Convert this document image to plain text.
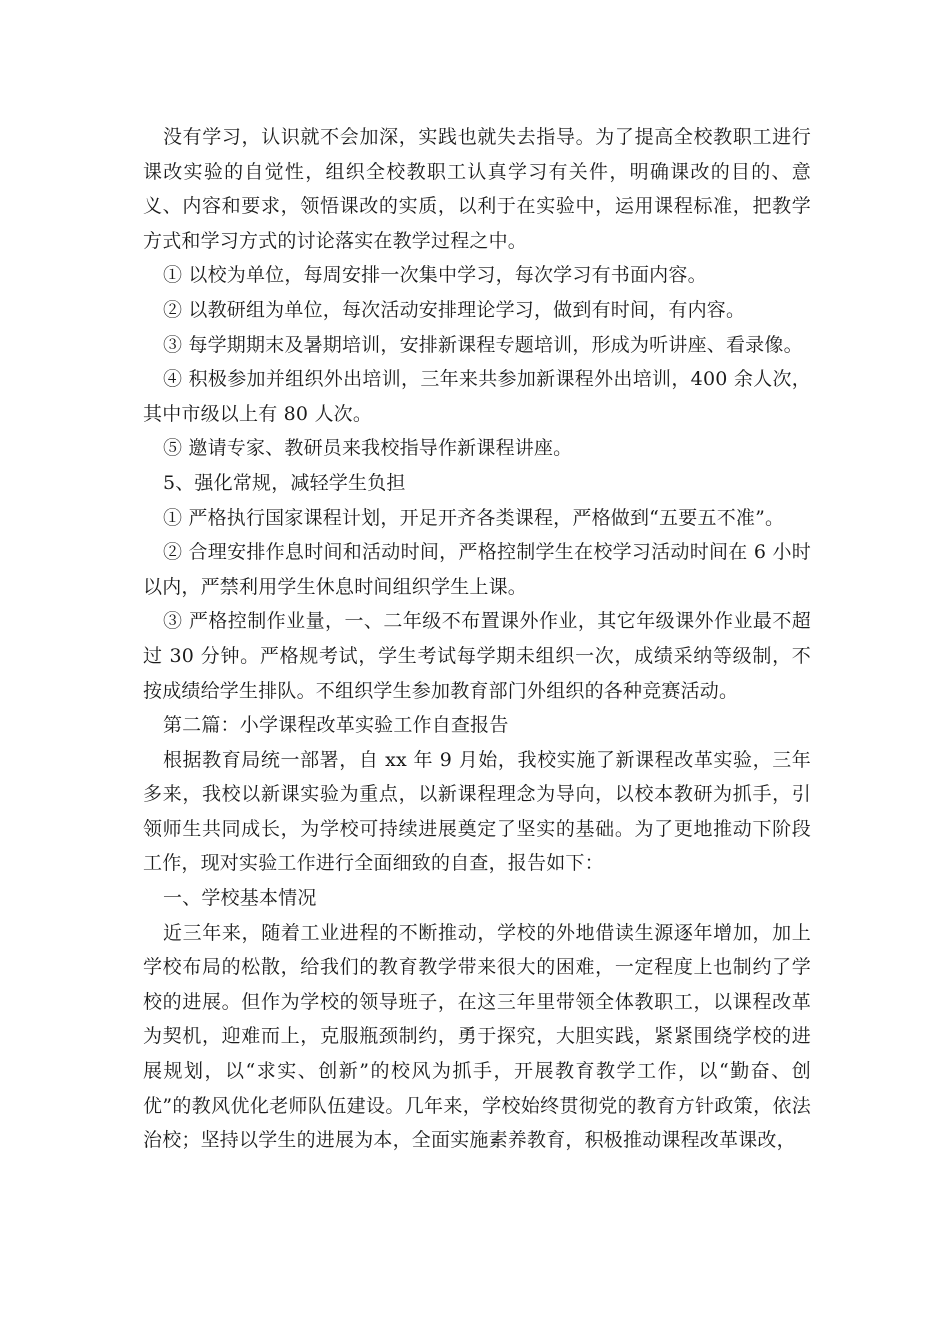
没有学习，认识就不会加深，实践也就失去指导。为了提高全校教职工进行课改实验的自觉性，组织全校教职工认真学习有关件，明确课改的目的、意义、内容和要求，领悟课改的实质，以利于在实验中，运用课程标准，把教学方式和学习方式的讨论落实在教学过程之中。

① 以校为单位，每周安排一次集中学习，每次学习有书面内容。

② 以教研组为单位，每次活动安排理论学习，做到有时间，有内容。

③ 每学期期末及暑期培训，安排新课程专题培训，形成为听讲座、看录像。

④ 积极参加并组织外出培训，三年来共参加新课程外出培训，400 余人次，其中市级以上有 80 人次。

⑤ 邀请专家、教研员来我校指导作新课程讲座。

5、强化常规，减轻学生负担

① 严格执行国家课程计划，开足开齐各类课程，严格做到“五要五不准”。

② 合理安排作息时间和活动时间，严格控制学生在校学习活动时间在 6 小时以内，严禁利用学生休息时间组织学生上课。

③ 严格控制作业量，一、二年级不布置课外作业，其它年级课外作业最不超过 30 分钟。严格规考试，学生考试每学期未组织一次，成绩采纳等级制，不按成绩给学生排队。不组织学生参加教育部门外组织的各种竞赛活动。

第二篇：小学课程改革实验工作自查报告

根据教育局统一部署，自 xx 年 9 月始，我校实施了新课程改革实验，三年多来，我校以新课实验为重点，以新课程理念为导向，以校本教研为抓手，引领师生共同成长，为学校可持续进展奠定了坚实的基础。为了更地推动下阶段工作，现对实验工作进行全面细致的自查，报告如下：

一、学校基本情况

近三年来，随着工业进程的不断推动，学校的外地借读生源逐年增加，加上学校布局的松散，给我们的教育教学带来很大的困难，一定程度上也制约了学校的进展。但作为学校的领导班子，在这三年里带领全体教职工，以课程改革为契机，迎难而上，克服瓶颈制约，勇于探究，大胆实践，紧紧围绕学校的进展规划，以“求实、创新”的校风为抓手，开展教育教学工作，以“勤奋、创优”的教风优化老师队伍建设。几年来，学校始终贯彻党的教育方针政策，依法治校；坚持以学生的进展为本，全面实施素养教育，积极推动课程改革课改，
